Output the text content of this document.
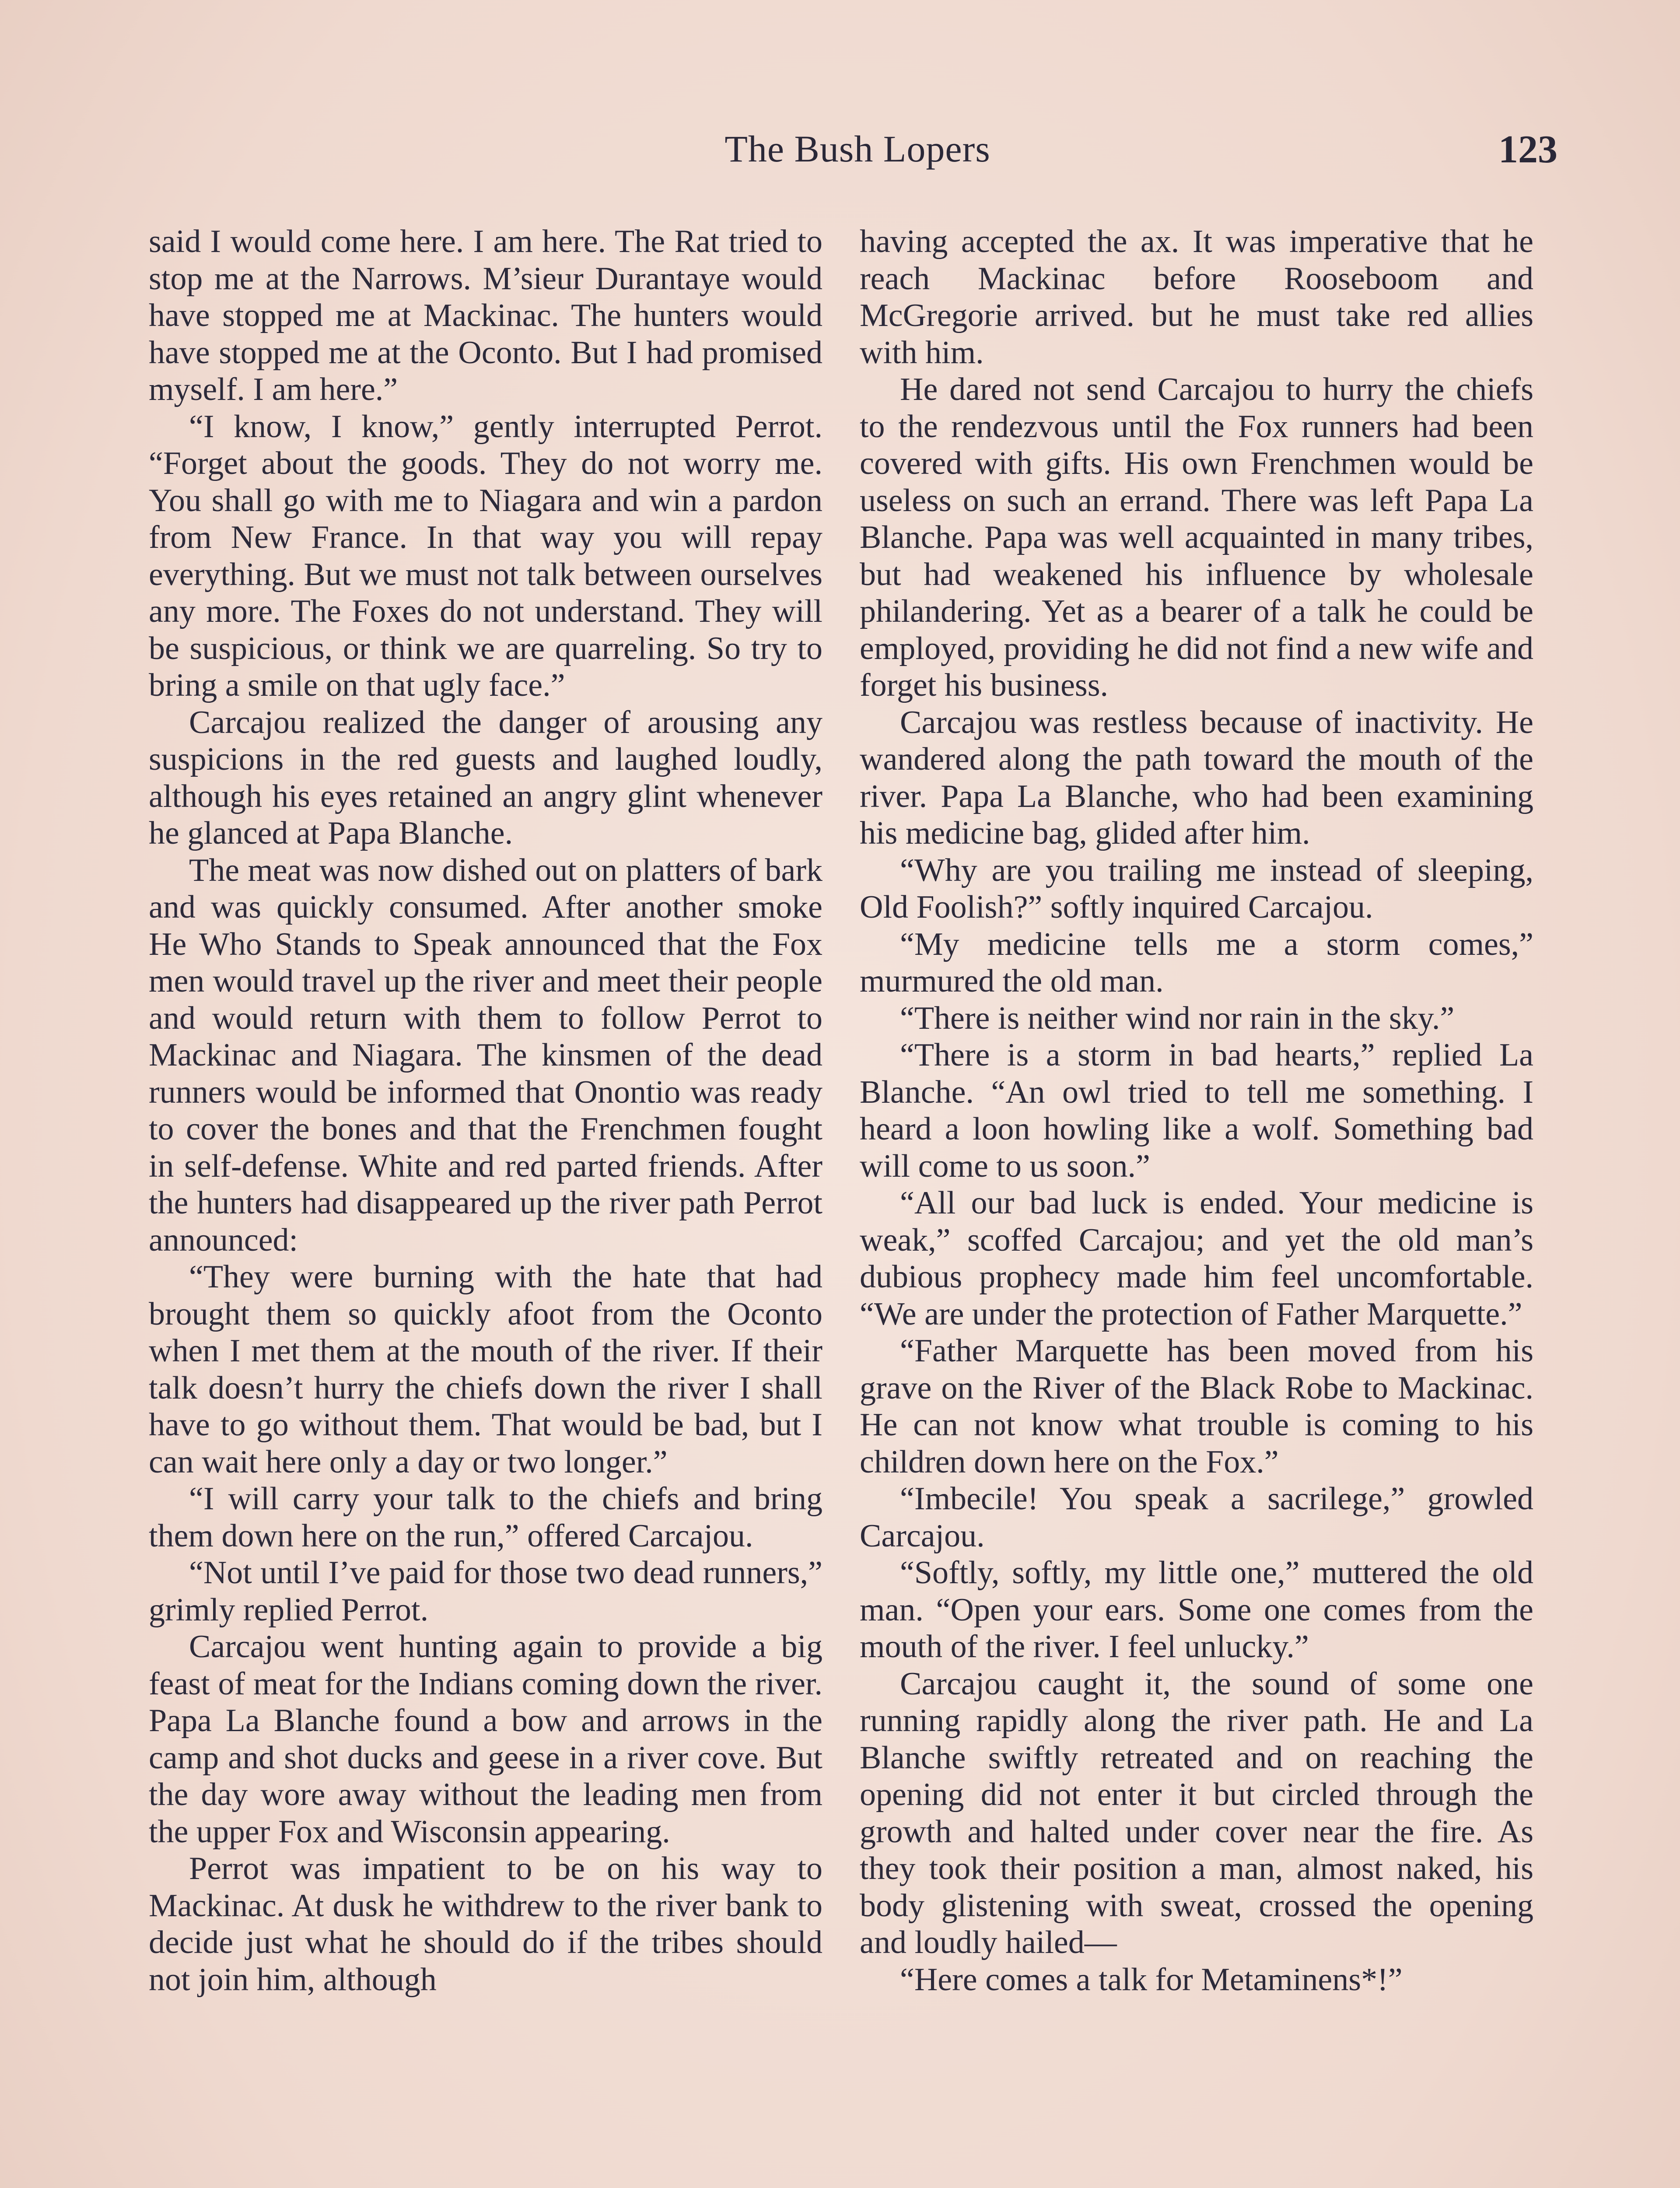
The Bush Lopers	123

said I would come here. I am here. The Rat tried to stop me at the Narrows. M’sieur Durantaye would have stopped me at Mackinac. The hunters would have stopped me at the Oconto. But I had promised myself. I am here.”

“I know, I know,” gently interrupted Perrot. “Forget about the goods. They do not worry me. You shall go with me to Niagara and win a pardon from New France. In that way you will repay everything. But we must not talk between ourselves any more. The Foxes do not understand. They will be suspicious, or think we are quarreling. So try to bring a smile on that ugly face.”

Carcajou realized the danger of arousing any suspicions in the red guests and laughed loudly, although his eyes retained an angry glint whenever he glanced at Papa Blanche.

The meat was now dished out on platters of bark and was quickly consumed. After another smoke He Who Stands to Speak announced that the Fox men would travel up the river and meet their people and would return with them to follow Perrot to Mackinac and Niagara. The kinsmen of the dead runners would be informed that Onontio was ready to cover the bones and that the Frenchmen fought in self-defense. White and red parted friends. After the hunters had disappeared up the river path Perrot announced:

“They were burning with the hate that had brought them so quickly afoot from the Oconto when I met them at the mouth of the river. If their talk doesn’t hurry the chiefs down the river I shall have to go without them. That would be bad, but I can wait here only a day or two longer.”

“I will carry your talk to the chiefs and bring them down here on the run,” offered Carcajou.

“Not until I’ve paid for those two dead runners,” grimly replied Perrot.

Carcajou went hunting again to provide a big feast of meat for the Indians coming down the river. Papa La Blanche found a bow and arrows in the camp and shot ducks and geese in a river cove. But the day wore away without the leading men from the upper Fox and Wisconsin appearing.

Perrot was impatient to be on his way to Mackinac. At dusk he withdrew to the river bank to decide just what he should do if the tribes should not join him, although

having accepted the ax. It was imperative that he reach Mackinac before Rooseboom and McGregorie arrived. but he must take red allies with him.

He dared not send Carcajou to hurry the chiefs to the rendezvous until the Fox runners had been covered with gifts. His own Frenchmen would be useless on such an errand. There was left Papa La Blanche. Papa was well acquainted in many tribes, but had weakened his influence by wholesale philandering. Yet as a bearer of a talk he could be employed, providing he did not find a new wife and forget his business.

Carcajou was restless because of inactivity. He wandered along the path toward the mouth of the river. Papa La Blanche, who had been examining his medicine bag, glided after him.

“Why are you trailing me instead of sleeping, Old Foolish?” softly inquired Carcajou.

“My medicine tells me a storm comes,” murmured the old man.

“There is neither wind nor rain in the sky.”

“There is a storm in bad hearts,” replied La Blanche. “An owl tried to tell me something. I heard a loon howling like a wolf. Something bad will come to us soon.”

“All our bad luck is ended. Your medicine is weak,” scoffed Carcajou; and yet the old man’s dubious prophecy made him feel uncomfortable. “We are under the protection of Father Marquette.”

“Father Marquette has been moved from his grave on the River of the Black Robe to Mackinac. He can not know what trouble is coming to his children down here on the Fox.”

“Imbecile! You speak a sacrilege,” growled Carcajou.

“Softly, softly, my little one,” muttered the old man. “Open your ears. Some one comes from the mouth of the river. I feel unlucky.”

Carcajou caught it, the sound of some one running rapidly along the river path. He and La Blanche swiftly retreated and on reaching the opening did not enter it but circled through the growth and halted under cover near the fire. As they took their position a man, almost naked, his body glistening with sweat, crossed the opening and loudly hailed—

“Here comes a talk for Metaminens*!”
